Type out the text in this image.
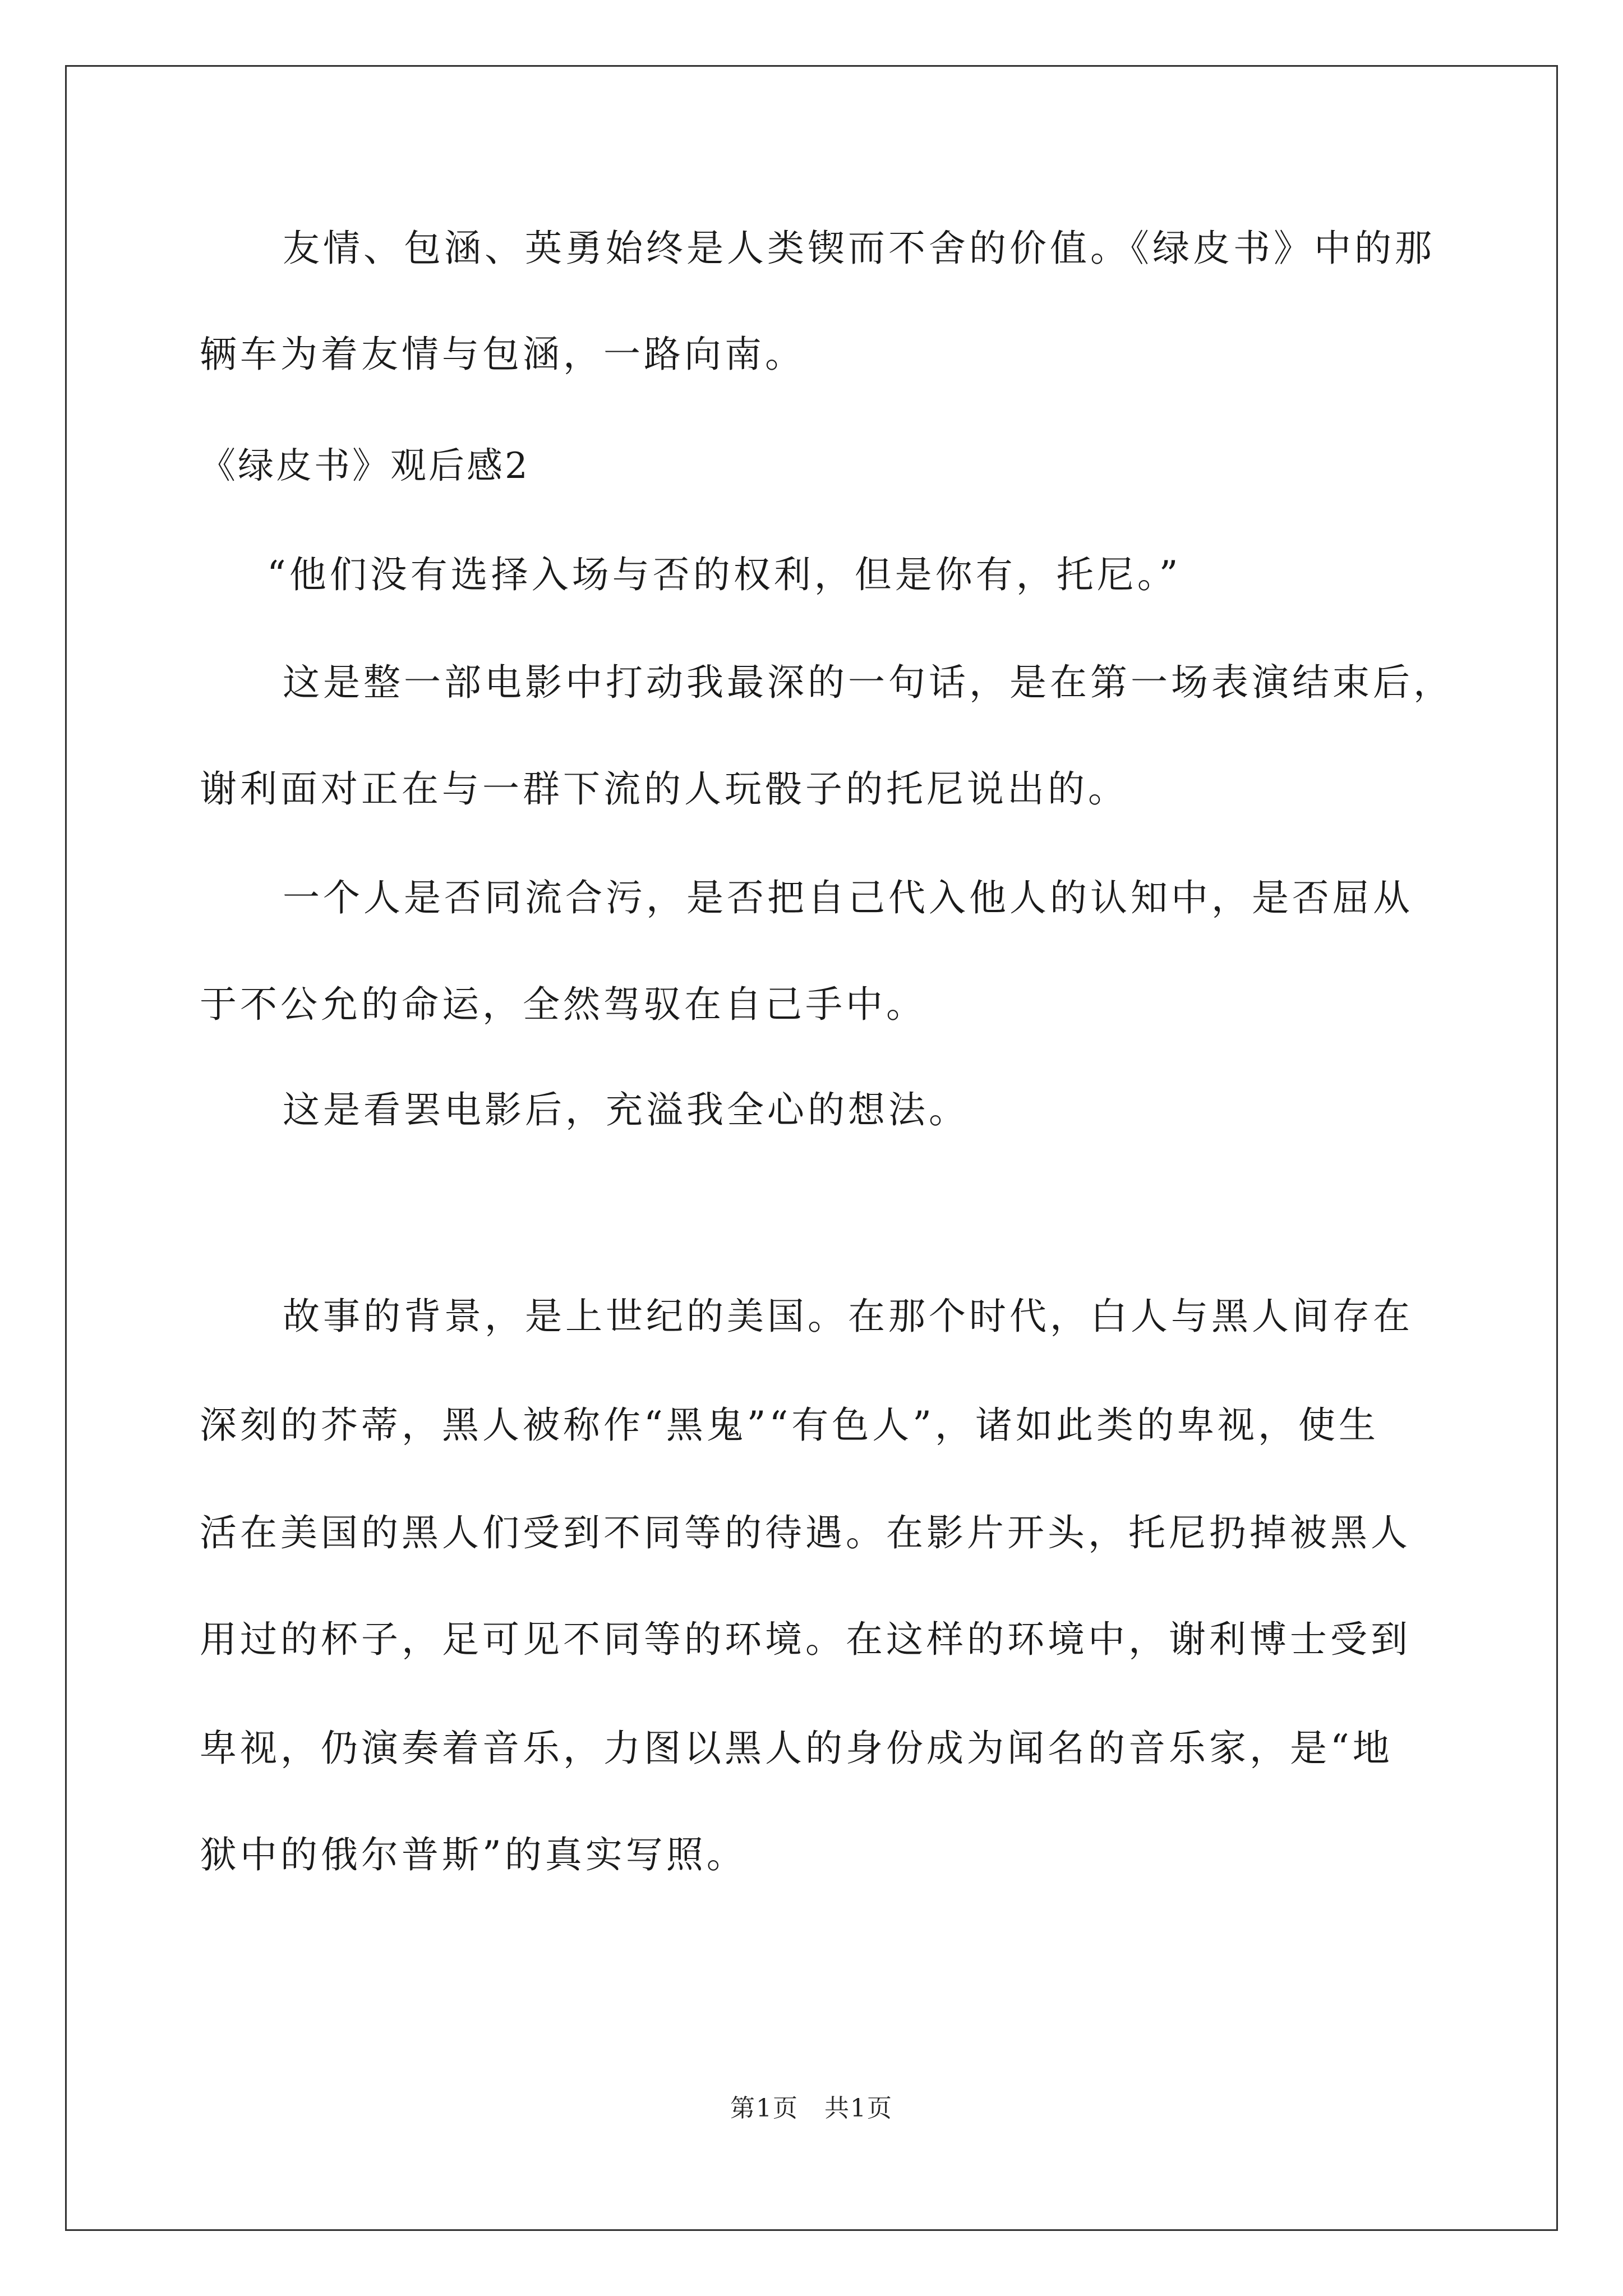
友情、包涵、英勇始终是人类锲而不舍的价值。《绿皮书》中的那
辆车为着友情与包涵，一路向南。
《绿皮书》观后感2
“他们没有选择入场与否的权利，但是你有，托尼。”
这是整一部电影中打动我最深的一句话，是在第一场表演结束后，
谢利面对正在与一群下流的人玩骰子的托尼说出的。
一个人是否同流合污，是否把自己代入他人的认知中，是否屈从
于不公允的命运，全然驾驭在自己手中。
这是看罢电影后，充溢我全心的想法。
故事的背景，是上世纪的美国。在那个时代，白人与黑人间存在
深刻的芥蒂，黑人被称作“黑鬼”“有色人”，诸如此类的卑视，使生
活在美国的黑人们受到不同等的待遇。在影片开头，托尼扔掉被黑人
用过的杯子，足可见不同等的环境。在这样的环境中，谢利博士受到
卑视，仍演奏着音乐，力图以黑人的身份成为闻名的音乐家，是“地
狱中的俄尔普斯”的真实写照。
第1页　共1页
